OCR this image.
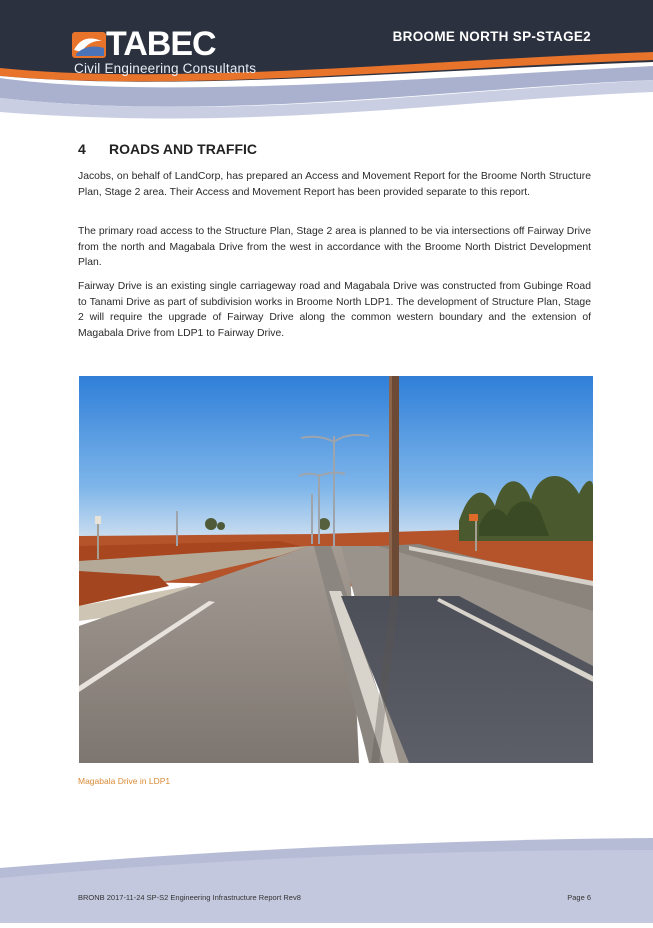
TABEC
Civil Engineering Consultants
BROOME NORTH SP-STAGE2
4 ROADS AND TRAFFIC

Jacobs, on behalf of LandCorp, has prepared an Access and Movement Report for the Broome North Structure Plan, Stage 2 area. Their Access and Movement Report has been provided separate to this report.

The primary road access to the Structure Plan, Stage 2 area is planned to be via intersections off Fairway Drive from the north and Magabala Drive from the west in accordance with the Broome North District Development Plan.

Fairway Drive is an existing single carriageway road and Magabala Drive was constructed from Gubinge Road to Tanami Drive as part of subdivision works in Broome North LDP1. The development of Structure Plan, Stage 2 will require the upgrade of Fairway Drive along the common western boundary and the extension of Magabala Drive from LDP1 to Fairway Drive.

Magabala Drive in LDP1
BRONB 2017-11-24 SP-S2 Engineering Infrastructure Report Rev8	Page 6
